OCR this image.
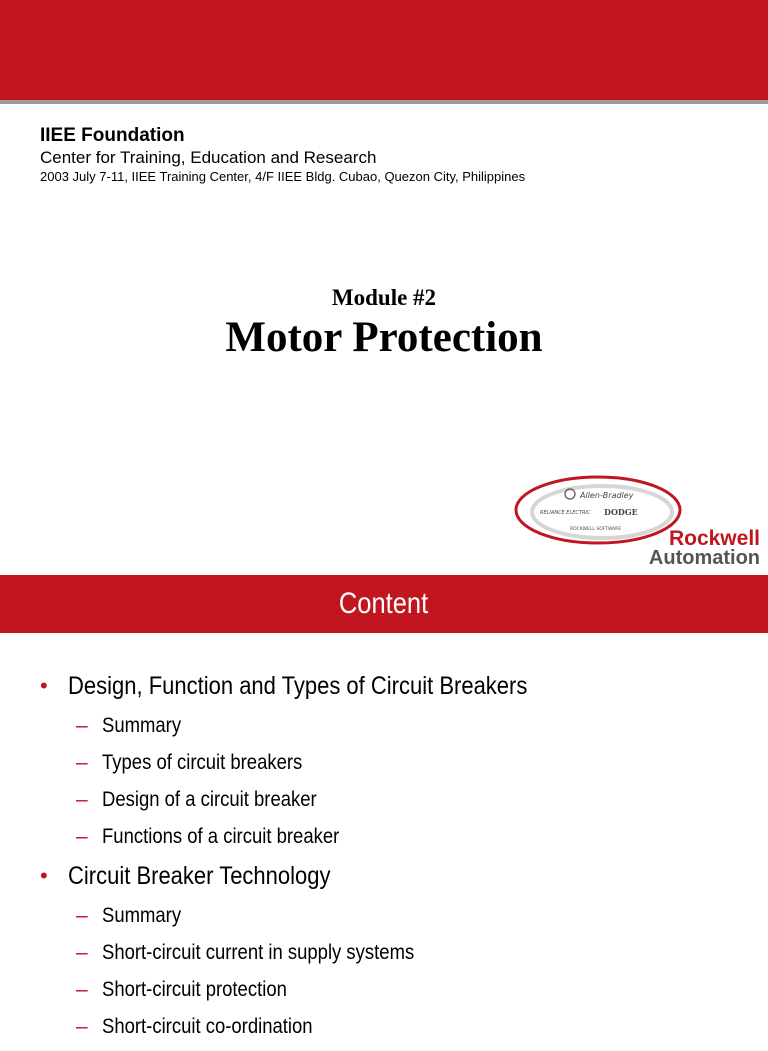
IIEE Foundation
Center for Training, Education and Research
2003 July 7-11, IIEE Training Center, 4/F IIEE Bldg. Cubao, Quezon City, Philippines
Module #2
Motor Protection
Allen-Bradley
RELIANCE ELECTRIC DODGE
ROCKWELL SOFTWARE Rockwell
Automation
Content
• Design, Function and Types of Circuit Breakers
– Summary
– Types of circuit breakers
– Design of a circuit breaker
– Functions of a circuit breaker
• Circuit Breaker Technology
– Summary
– Short-circuit current in supply systems
– Short-circuit protection
– Short-circuit co-ordination
